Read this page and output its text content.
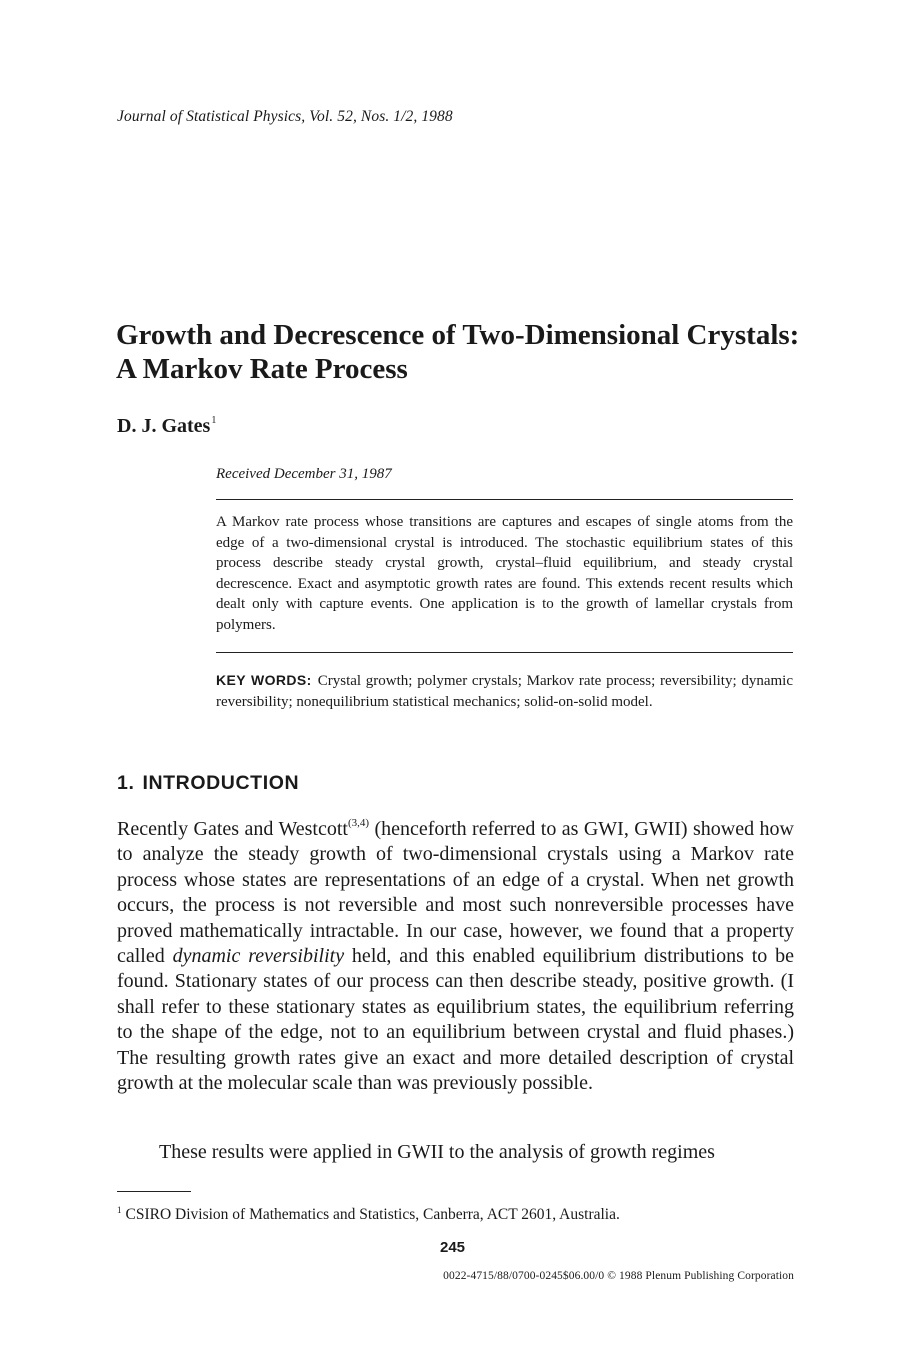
Journal of Statistical Physics, Vol. 52, Nos. 1/2, 1988
Growth and Decrescence of Two-Dimensional Crystals: A Markov Rate Process
D. J. Gates$^1$
Received December 31, 1987

A Markov rate process whose transitions are captures and escapes of single atoms from the edge of a two-dimensional crystal is introduced. The stochastic equilibrium states of this process describe steady crystal growth, crystal–fluid equilibrium, and steady crystal decrescence. Exact and asymptotic growth rates are found. This extends recent results which dealt only with capture events. One application is to the growth of lamellar crystals from polymers.

KEY WORDS: Crystal growth; polymer crystals; Markov rate process; reversibility; dynamic reversibility; nonequilibrium statistical mechanics; solid-on-solid model.

1. INTRODUCTION

Recently Gates and Westcott$^{(3,4)}$ (henceforth referred to as GWI, GWII) showed how to analyze the steady growth of two-dimensional crystals using a Markov rate process whose states are representations of an edge of a crystal. When net growth occurs, the process is not reversible and most such nonreversible processes have proved mathematically intractable. In our case, however, we found that a property called dynamic reversibility held, and this enabled equilibrium distributions to be found. Stationary states of our process can then describe steady, positive growth. (I shall refer to these stationary states as equilibrium states, the equilibrium referring to the shape of the edge, not to an equilibrium between crystal and fluid phases.) The resulting growth rates give an exact and more detailed description of crystal growth at the molecular scale than was previously possible.

These results were applied in GWII to the analysis of growth regimes

$^1$ CSIRO Division of Mathematics and Statistics, Canberra, ACT 2601, Australia.
245
0022-4715/88/0700-0245$06.00/0 © 1988 Plenum Publishing Corporation
